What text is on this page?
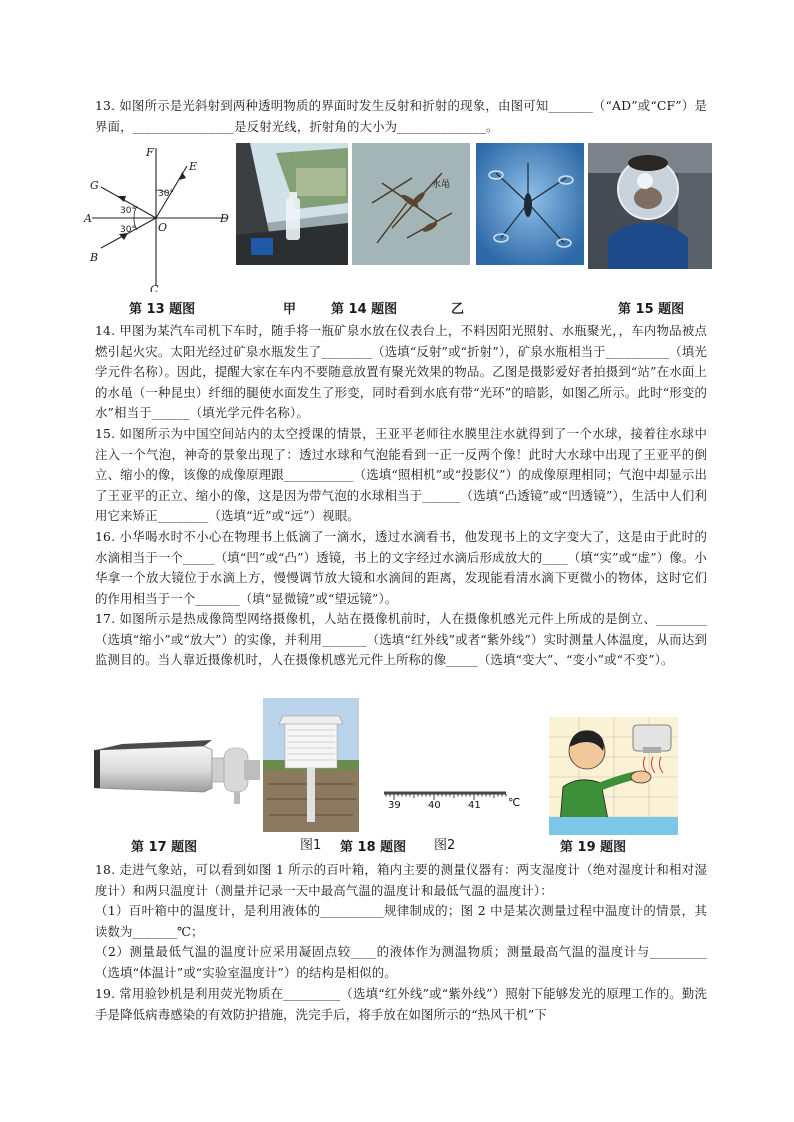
13. 如图所示是光斜射到两种透明物质的界面时发生反射和折射的现象，由图可知_______（“AD”或“CF”）是界面，________________是反射光线，折射角的大小为______________。
F
E
G
A
O
D
B
C
30°
30°
30°
水黾
第 13 题图	甲	第 14 题图	乙	第 15 题图
14. 甲图为某汽车司机下车时，随手将一瓶矿泉水放在仪表台上，不料因阳光照射、水瓶聚光，，车内物品被点燃引起火灾。太阳光经过矿泉水瓶发生了________（选填“反射”或“折射”），矿泉水瓶相当于__________（填光学元件名称）。因此，提醒大家在车内不要随意放置有聚光效果的物品。乙图是摄影爱好者拍摄到“站”在水面上的水黾（一种昆虫）纤细的腿使水面发生了形变，同时看到水底有带“光环”的暗影，如图乙所示。此时“形变的水”相当于______（填光学元件名称）。
15. 如图所示为中国空间站内的太空授课的情景，王亚平老师往水膜里注水就得到了一个水球，接着往水球中注入一个气泡，神奇的景象出现了：透过水球和气泡能看到一正一反两个像！此时大水球中出现了王亚平的倒立、缩小的像，该像的成像原理跟___________（选填“照相机”或“投影仪”）的成像原理相同；气泡中却显示出了王亚平的正立、缩小的像，这是因为带气泡的水球相当于______（选填“凸透镜”或“凹透镜”），生活中人们利用它来矫正________（选填“近”或“远”）视眼。
16. 小华喝水时不小心在物理书上低滴了一滴水，透过水滴看书，他发现书上的文字变大了，这是由于此时的水滴相当于一个_____（填“凹”或“凸”）透镜，书上的文字经过水滴后形成放大的____（填“实”或“虚”）像。小华拿一个放大镜位于水滴上方，慢慢调节放大镜和水滴间的距离，发现能看清水滴下更微小的物体，这时它们的作用相当于一个_______（填“显微镜”或“望远镜”）。
17. 如图所示是热成像筒型网络摄像机，人站在摄像机前时，人在摄像机感光元件上所成的是倒立、________（选填“缩小”或“放大”）的实像，并利用_______（选填“红外线”或者“紫外线”）实时测量人体温度，从而达到监测目的。当人靠近摄像机时，人在摄像机感光元件上所称的像_____（选填“变大”、“变小”或“不变”）。
39	40	41 ℃
第 17 题图	图1 第 18 题图 图2	第 19 题图
18. 走进气象站，可以看到如图 1 所示的百叶箱，箱内主要的测量仪器有：两支湿度计（绝对湿度计和相对湿度计）和两只温度计（测量并记录一天中最高气温的温度计和最低气温的温度计）：
（1）百叶箱中的温度计，是利用液体的__________规律制成的；图 2 中是某次测量过程中温度计的情景，其读数为_______℃；
（2）测量最低气温的温度计应采用凝固点较____的液体作为测温物质；测量最高气温的温度计与_________（选填“体温计”或“实验室温度计”）的结构是相似的。
19. 常用验钞机是利用荧光物质在_________（选填“红外线”或“紫外线”）照射下能够发光的原理工作的。勤洗手是降低病毒感染的有效防护措施，洗完手后，将手放在如图所示的“热风干机”下
